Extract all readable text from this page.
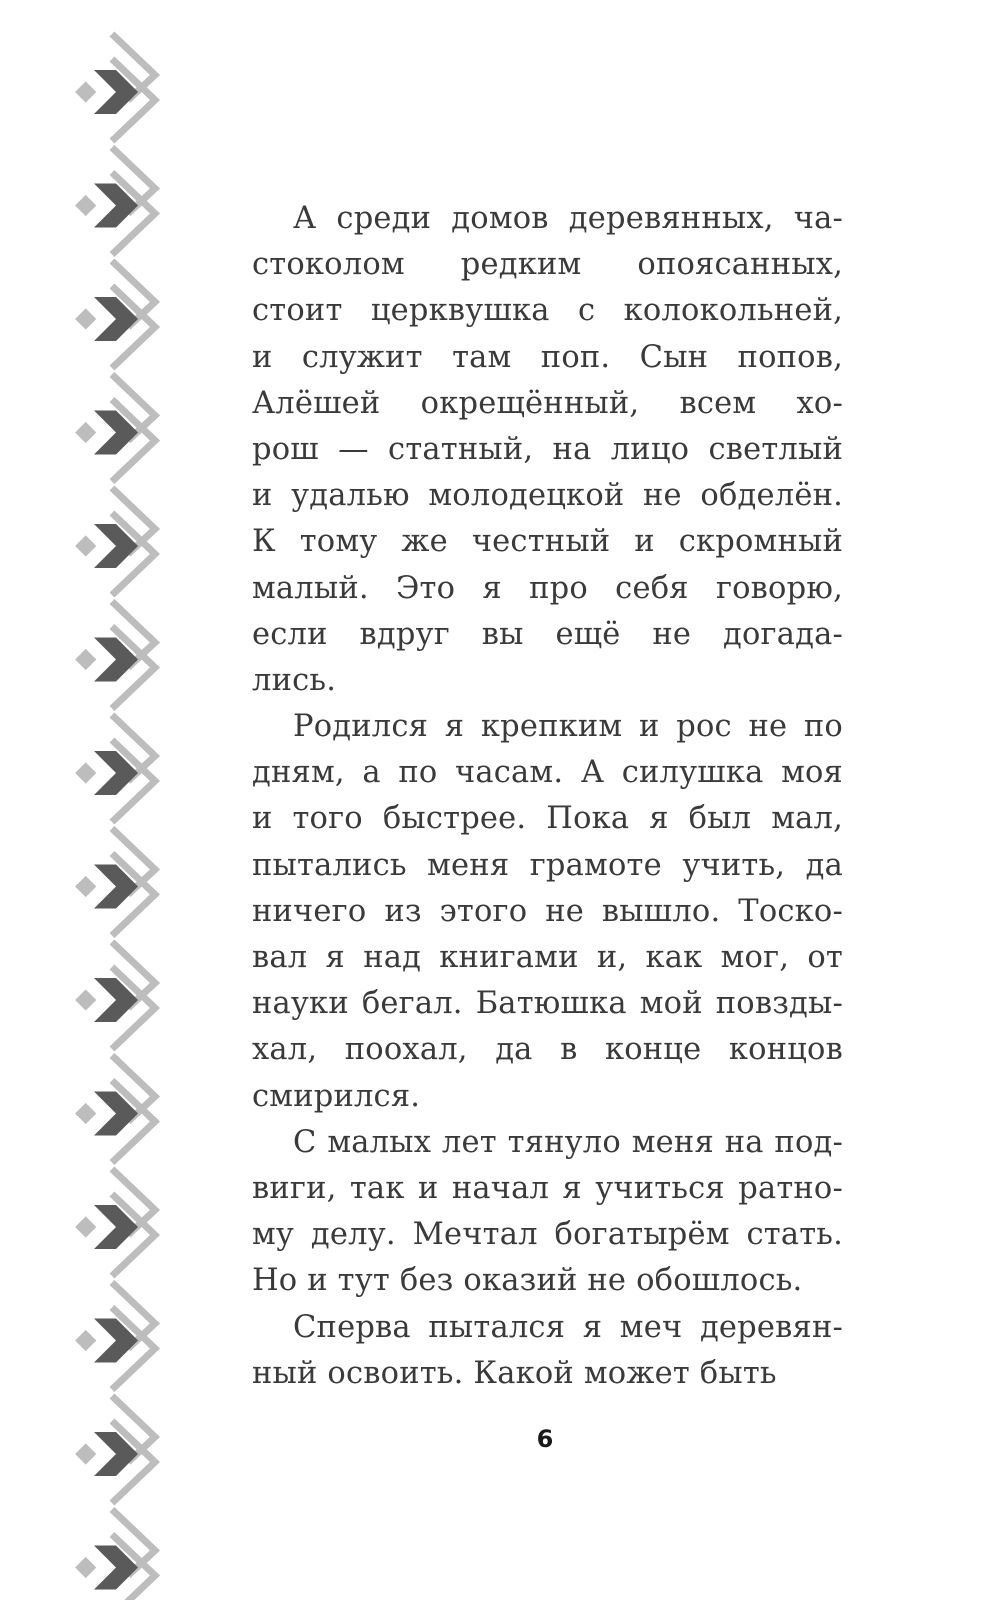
А среди домов деревянных, ча-
стоколом редким опоясанных,
стоит церквушка с колокольней,
и служит там поп. Сын попов,
Алёшей окрещённый, всем хо-
рош — статный, на лицо светлый
и удалью молодецкой не обделён.
К тому же честный и скромный
малый. Это я про себя говорю,
если вдруг вы ещё не догада-
лись.
Родился я крепким и рос не по
дням, а по часам. А силушка моя
и того быстрее. Пока я был мал,
пытались меня грамоте учить, да
ничего из этого не вышло. Тоско-
вал я над книгами и, как мог, от
науки бегал. Батюшка мой повзды-
хал, поохал, да в конце концов
смирился.
С малых лет тянуло меня на под-
виги, так и начал я учиться ратно-
му делу. Мечтал богатырём стать.
Но и тут без оказий не обошлось.
Сперва пытался я меч деревян-
ный освоить. Какой может быть
6
